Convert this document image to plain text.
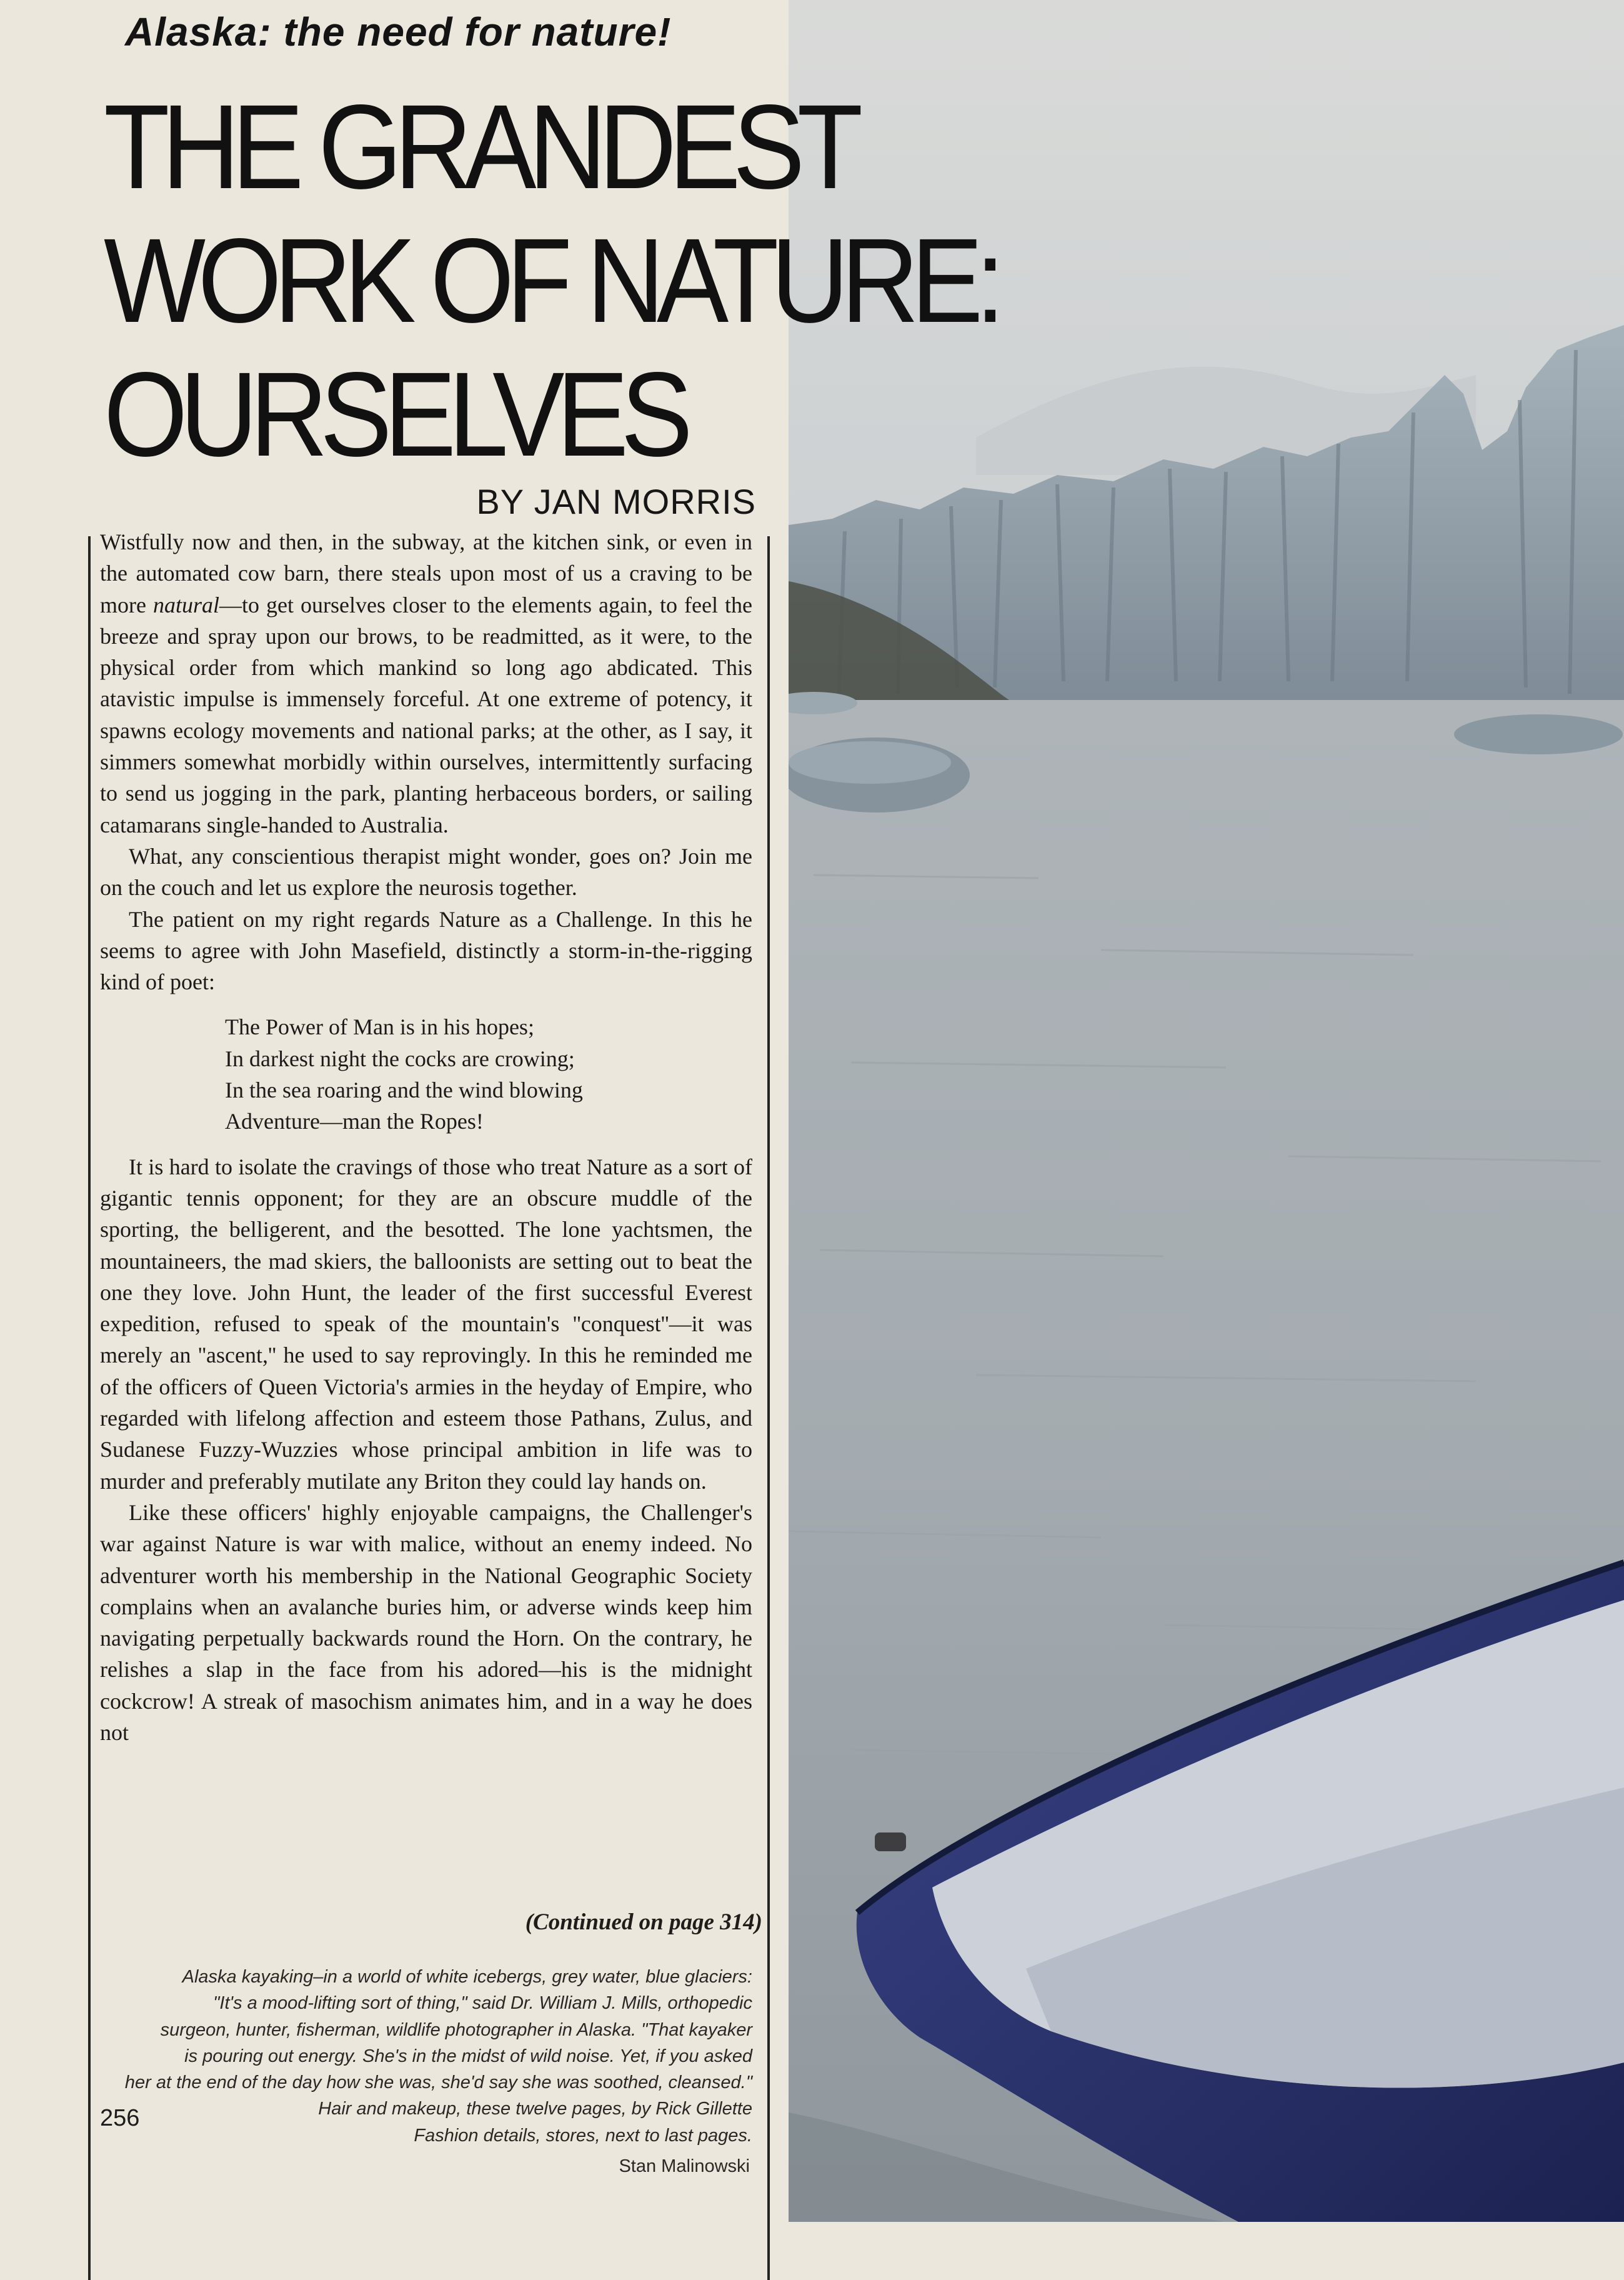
Alaska: the need for nature!
THE GRANDEST
WORK OF NATURE:
OURSELVES
BY JAN MORRIS

Wistfully now and then, in the subway, at the kitchen sink, or even in the automated cow barn, there steals upon most of us a craving to be more natural—to get ourselves closer to the elements again, to feel the breeze and spray upon our brows, to be readmitted, as it were, to the physical order from which mankind so long ago abdicated. This atavistic impulse is immensely forceful. At one extreme of potency, it spawns ecology movements and national parks; at the other, as I say, it simmers somewhat morbidly within ourselves, intermittently surfacing to send us jogging in the park, planting herbaceous borders, or sailing catamarans single-handed to Australia.

What, any conscientious therapist might wonder, goes on? Join me on the couch and let us explore the neurosis together.

The patient on my right regards Nature as a Challenge. In this he seems to agree with John Masefield, distinctly a storm-in-the-rigging kind of poet:

The Power of Man is in his hopes;
In darkest night the cocks are crowing;
In the sea roaring and the wind blowing
Adventure—man the Ropes!

It is hard to isolate the cravings of those who treat Nature as a sort of gigantic tennis opponent; for they are an obscure muddle of the sporting, the belligerent, and the besotted. The lone yachtsmen, the mountaineers, the mad skiers, the balloonists are setting out to beat the one they love. John Hunt, the leader of the first successful Everest expedition, refused to speak of the mountain's ''conquest''—it was merely an ''ascent,'' he used to say reprovingly. In this he reminded me of the officers of Queen Victoria's armies in the heyday of Empire, who regarded with lifelong affection and esteem those Pathans, Zulus, and Sudanese Fuzzy-Wuzzies whose principal ambition in life was to murder and preferably mutilate any Briton they could lay hands on.

Like these officers' highly enjoyable campaigns, the Challenger's war against Nature is war with malice, without an enemy indeed. No adventurer worth his membership in the National Geographic Society complains when an avalanche buries him, or adverse winds keep him navigating perpetually backwards round the Horn. On the contrary, he relishes a slap in the face from his adored—his is the midnight cockcrow! A streak of masochism animates him, and in a way he does not

(Continued on page 314)
Alaska kayaking–in a world of white icebergs, grey water, blue glaciers:
"It's a mood-lifting sort of thing," said Dr. William J. Mills, orthopedic
surgeon, hunter, fisherman, wildlife photographer in Alaska. "That kayaker
is pouring out energy. She's in the midst of wild noise. Yet, if you asked
her at the end of the day how she was, she'd say she was soothed, cleansed."
Hair and makeup, these twelve pages, by Rick Gillette
Fashion details, stores, next to last pages.
256
Stan Malinowski
